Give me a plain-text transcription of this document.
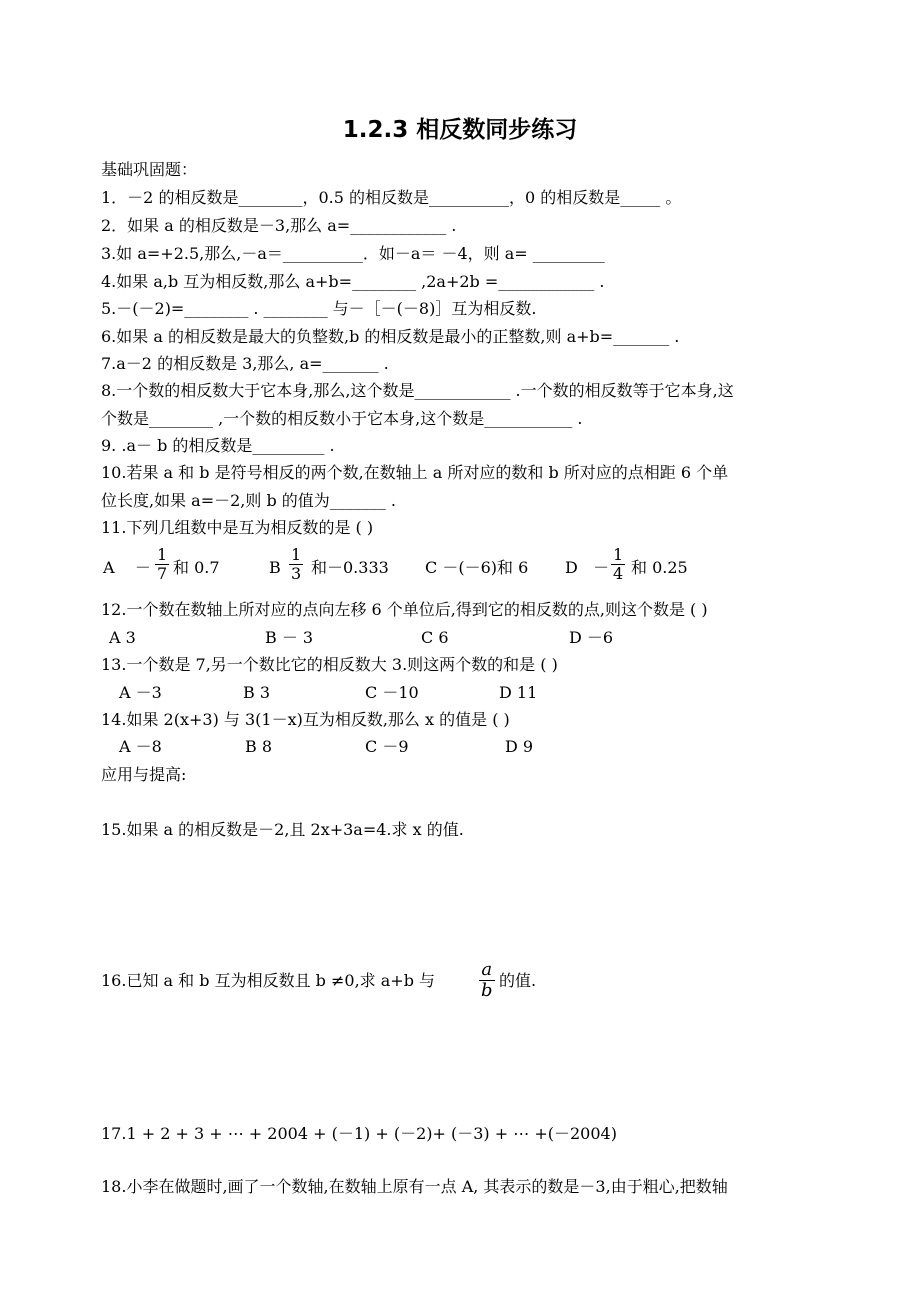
1.2.3 相反数同步练习
基础巩固题：
1．－2 的相反数是________，0.5 的相反数是__________，0 的相反数是_____ 。
2．如果 a 的相反数是－3,那么 a=____________ .
3.如 a=+2.5,那么,－a＝__________．如－a＝ －4，则 a= _________
4.如果 a,b 互为相反数,那么 a+b=________ ,2a+2b =____________ .
5.－(－2)=________ . ________ 与－［－(－8)］互为相反数.
6.如果 a 的相反数是最大的负整数,b 的相反数是最小的正整数,则 a+b=_______ .
7.a－2 的相反数是 3,那么, a=_______ .
8.一个数的相反数大于它本身,那么,这个数是____________ .一个数的相反数等于它本身,这
个数是________ ,一个数的相反数小于它本身,这个数是___________ .
9. .a－ b 的相反数是_________ .
10.若果 a 和 b 是符号相反的两个数,在数轴上 a 所对应的数和 b 所对应的点相距 6 个单
位长度,如果 a=－2,则 b 的值为_______ .
11.下列几组数中是互为相反数的是 ( )
$A - \frac{1}{7}$ 和 0.7	B $\frac{1}{3}$ 和－0.333 C －(－6)和 6 $D - \frac{1}{4}$ 和 0.25
12.一个数在数轴上所对应的点向左移 6 个单位后,得到它的相反数的点,则这个数是 ( )
A 3	B － 3	C 6	D －6
13.一个数是 7,另一个数比它的相反数大 3.则这两个数的和是 ( )
A －3	B 3	C －10	D 11
14.如果 2(x+3) 与 3(1－x)互为相反数,那么 x 的值是 ( )
A －8	B 8	C －9	D 9
应用与提高:
15.如果 a 的相反数是－2,且 2x+3a=4.求 x 的值.
16.已知 a 和 b 互为相反数且 b ≠0,求 a+b 与 $\frac{a}{b}$ 的值.
17.1 + 2 + 3 + ⋯ + 2004 + (－1) + (－2)+ (－3) + ⋯ +(－2004)
18.小李在做题时,画了一个数轴,在数轴上原有一点 A, 其表示的数是－3,由于粗心,把数轴
